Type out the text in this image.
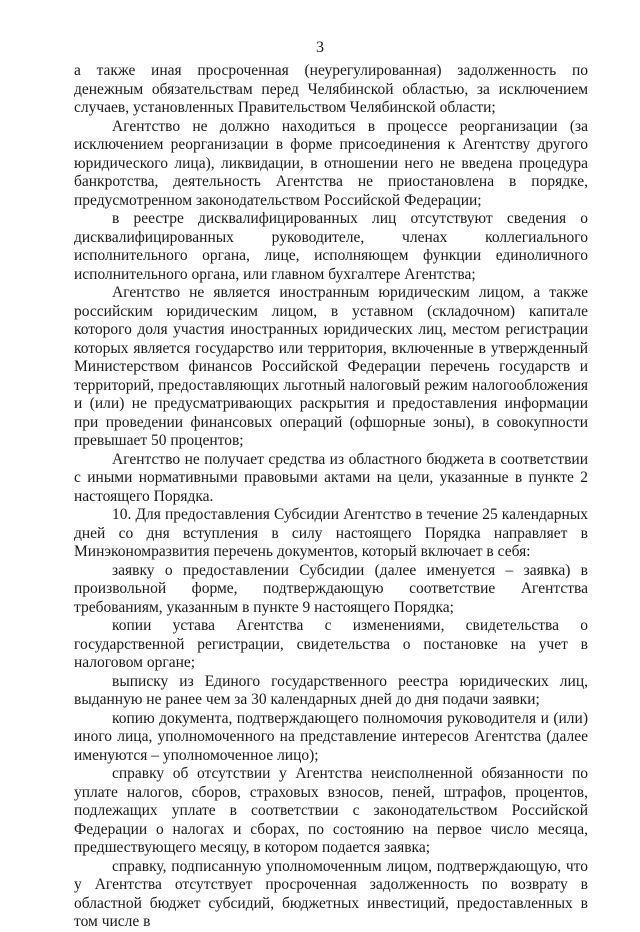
3

а также иная просроченная (неурегулированная) задолженность по денежным обязательствам перед Челябинской областью, за исключением случаев, установленных Правительством Челябинской области;

Агентство не должно находиться в процессе реорганизации (за исключением реорганизации в форме присоединения к Агентству другого юридического лица), ликвидации, в отношении него не введена процедура банкротства, деятельность Агентства не приостановлена в порядке, предусмотренном законодательством Российской Федерации;

в реестре дисквалифицированных лиц отсутствуют сведения о дисквалифицированных руководителе, членах коллегиального исполнительного органа, лице, исполняющем функции единоличного исполнительного органа, или главном бухгалтере Агентства;

Агентство не является иностранным юридическим лицом, а также российским юридическим лицом, в уставном (складочном) капитале которого доля участия иностранных юридических лиц, местом регистрации которых является государство или территория, включенные в утвержденный Министерством финансов Российской Федерации перечень государств и территорий, предоставляющих льготный налоговый режим налогообложения и (или) не предусматривающих раскрытия и предоставления информации при проведении финансовых операций (офшорные зоны), в совокупности превышает 50 процентов;

Агентство не получает средства из областного бюджета в соответствии с иными нормативными правовыми актами на цели, указанные в пункте 2 настоящего Порядка.

10. Для предоставления Субсидии Агентство в течение 25 календарных дней со дня вступления в силу настоящего Порядка направляет в Минэкономразвития перечень документов, который включает в себя:

заявку о предоставлении Субсидии (далее именуется – заявка) в произвольной форме, подтверждающую соответствие Агентства требованиям, указанным в пункте 9 настоящего Порядка;

копии устава Агентства с изменениями, свидетельства о государственной регистрации, свидетельства о постановке на учет в налоговом органе;

выписку из Единого государственного реестра юридических лиц, выданную не ранее чем за 30 календарных дней до дня подачи заявки;

копию документа, подтверждающего полномочия руководителя и (или) иного лица, уполномоченного на представление интересов Агентства (далее именуются – уполномоченное лицо);

справку об отсутствии у Агентства неисполненной обязанности по уплате налогов, сборов, страховых взносов, пеней, штрафов, процентов, подлежащих уплате в соответствии с законодательством Российской Федерации о налогах и сборах, по состоянию на первое число месяца, предшествующего месяцу, в котором подается заявка;

справку, подписанную уполномоченным лицом, подтверждающую, что у Агентства отсутствует просроченная задолженность по возврату в областной бюджет субсидий, бюджетных инвестиций, предоставленных в том числе в
